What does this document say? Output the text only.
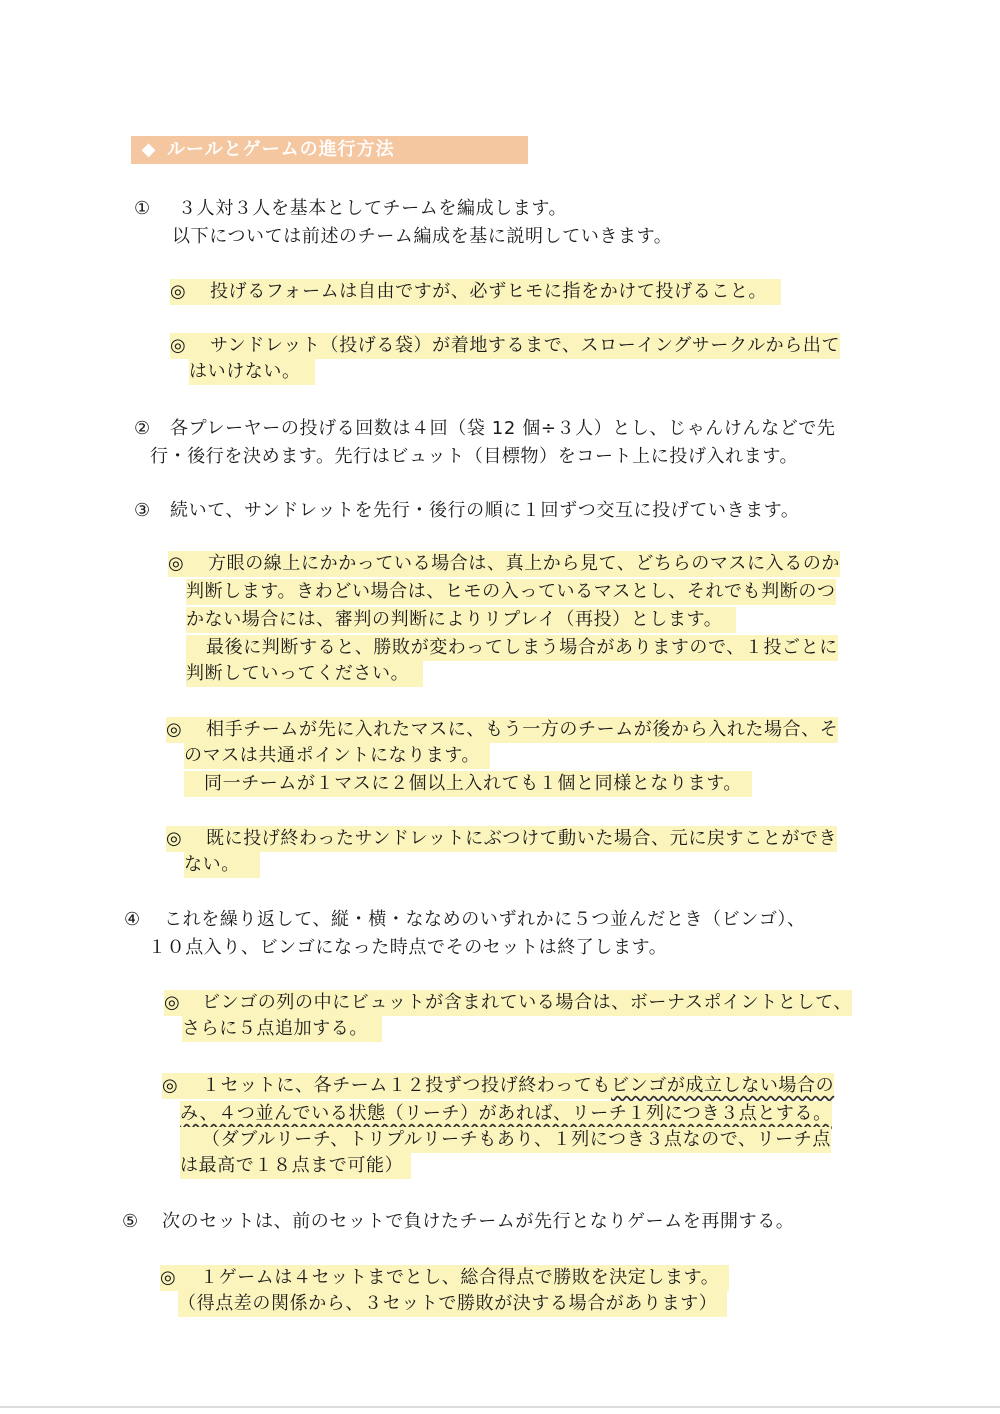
◆ ルールとゲームの進行方法
① ３人対３人を基本としてチームを編成します。
以下については前述のチーム編成を基に説明していきます。
◎ 投げるフォームは自由ですが、必ずヒモに指をかけて投げること。
◎ サンドレット（投げる袋）が着地するまで、スローイングサークルから出て
はいけない。
② 各プレーヤーの投げる回数は４回（袋 12 個÷３人）とし、じゃんけんなどで先
行・後行を決めます。先行はビュット（目標物）をコート上に投げ入れます。
③ 続いて、サンドレットを先行・後行の順に１回ずつ交互に投げていきます。
◎ 方眼の線上にかかっている場合は、真上から見て、どちらのマスに入るのか
判断します。きわどい場合は、ヒモの入っているマスとし、それでも判断のつ
かない場合には、審判の判断によりリプレイ（再投）とします。
最後に判断すると、勝敗が変わってしまう場合がありますので、１投ごとに
判断していってください。
◎ 相手チームが先に入れたマスに、もう一方のチームが後から入れた場合、そ
のマスは共通ポイントになります。
同一チームが１マスに２個以上入れても１個と同様となります。
◎ 既に投げ終わったサンドレットにぶつけて動いた場合、元に戻すことができ
ない。
④ これを繰り返して、縦・横・ななめのいずれかに５つ並んだとき（ビンゴ）、
１０点入り、ビンゴになった時点でそのセットは終了します。
◎ ビンゴの列の中にビュットが含まれている場合は、ボーナスポイントとして、
さらに５点追加する。
◎ １セットに、各チーム１２投ずつ投げ終わってもビンゴが成立しない場合の
み、４つ並んでいる状態（リーチ）があれば、リーチ１列につき３点とする。
（ダブルリーチ、トリプルリーチもあり、１列につき３点なので、リーチ点
は最高で１８点まで可能）
⑤ 次のセットは、前のセットで負けたチームが先行となりゲームを再開する。
◎ １ゲームは４セットまでとし、総合得点で勝敗を決定します。
（得点差の関係から、３セットで勝敗が決する場合があります）
